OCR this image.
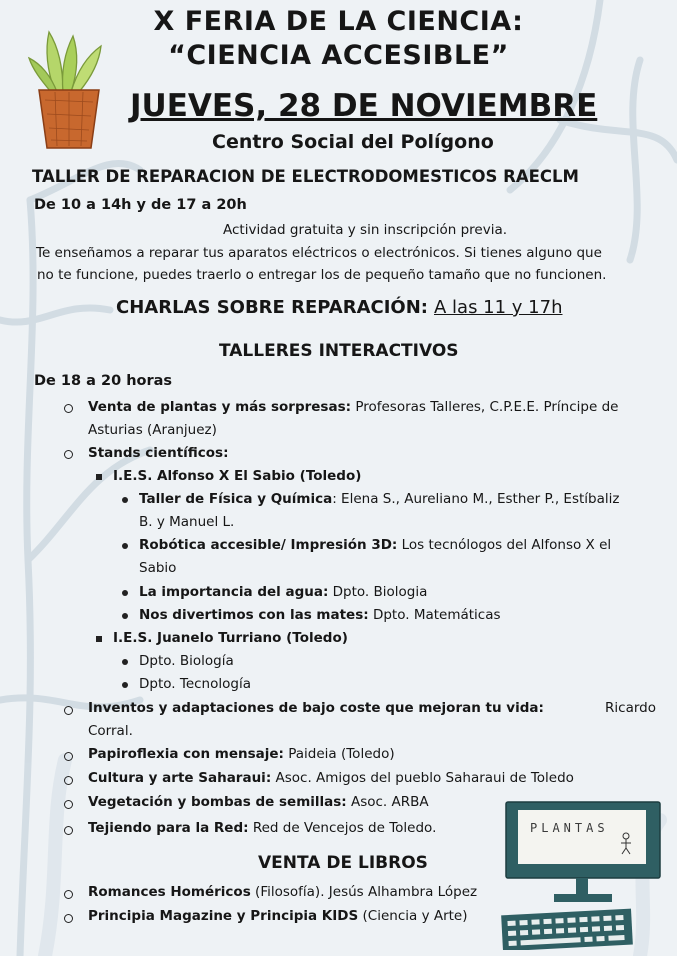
PLANTAS
X FERIA DE LA CIENCIA:
“CIENCIA ACCESIBLE”
JUEVES, 28 DE NOVIEMBRE
Centro Social del Polígono
TALLER DE REPARACION DE ELECTRODOMESTICOS RAECLM
De 10 a 14h y de 17 a 20h
Actividad gratuita y sin inscripción previa.
Te enseñamos a reparar tus aparatos eléctricos o electrónicos. Si tienes alguno que
no te funcione, puedes traerlo o entregar los de pequeño tamaño que no funcionen.
CHARLAS SOBRE REPARACIÓN: A las 11 y 17h
TALLERES INTERACTIVOS
De 18 a 20 horas
Venta de plantas y más sorpresas: Profesoras Talleres, C.P.E.E. Príncipe de
Asturias (Aranjuez)
Stands científicos:
I.E.S. Alfonso X El Sabio (Toledo)
Taller de Física y Química: Elena S., Aureliano M., Esther P., Estíbaliz
B. y Manuel L.
Robótica accesible/ Impresión 3D: Los tecnólogos del Alfonso X el
Sabio
La importancia del agua: Dpto. Biologia
Nos divertimos con las mates: Dpto. Matemáticas
I.E.S. Juanelo Turriano (Toledo)
Dpto. Biología
Dpto. Tecnología
Inventos y adaptaciones de bajo coste que mejoran tu vida:	Ricardo
Corral.
Papiroflexia con mensaje: Paideia (Toledo)
Cultura y arte Saharaui: Asoc. Amigos del pueblo Saharaui de Toledo
Vegetación y bombas de semillas: Asoc. ARBA
Tejiendo para la Red: Red de Vencejos de Toledo.
VENTA DE LIBROS
Romances Homéricos (Filosofía). Jesús Alhambra López
Principia Magazine y Principia KIDS (Ciencia y Arte)
